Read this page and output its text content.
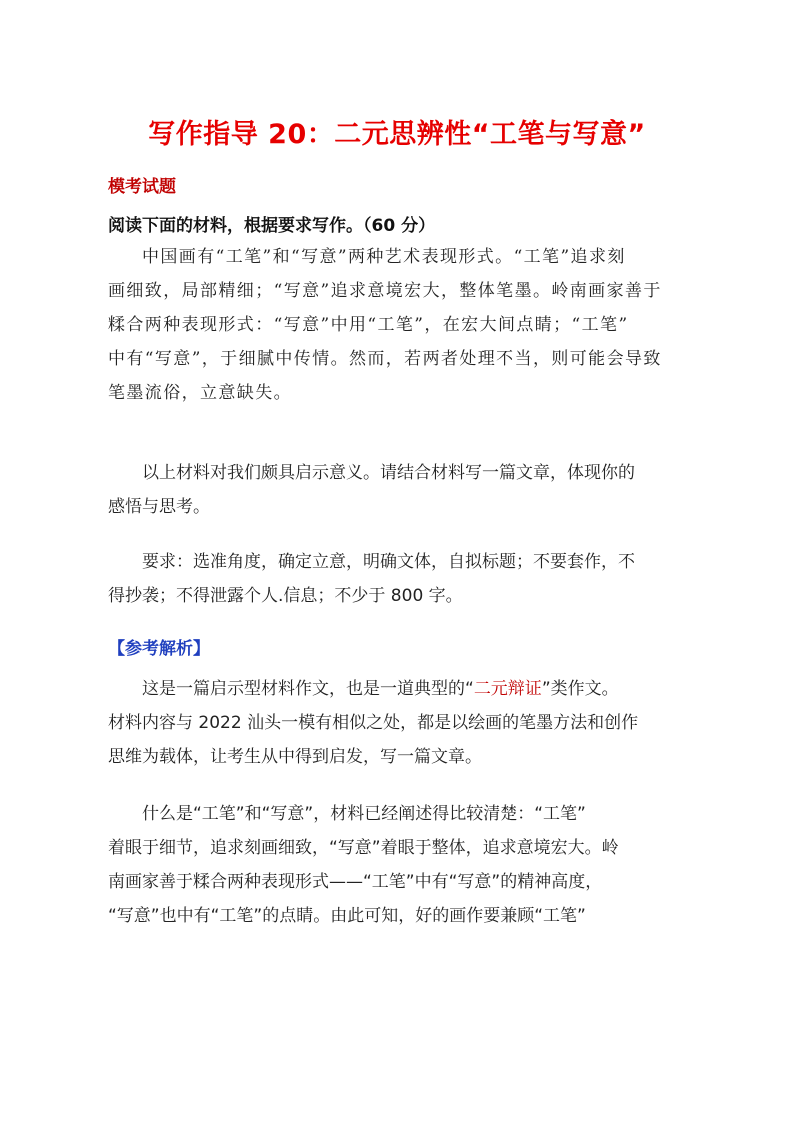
写作指导 20：二元思辨性“工笔与写意”
模考试题
阅读下面的材料，根据要求写作。（60 分）
中国画有“工笔”和“写意”两种艺术表现形式。“工笔”追求刻
画细致，局部精细；“写意”追求意境宏大，整体笔墨。岭南画家善于
糅合两种表现形式：“写意”中用“工笔”，在宏大间点睛；“工笔”
中有“写意”，于细腻中传情。然而，若两者处理不当，则可能会导致
笔墨流俗，立意缺失。
以上材料对我们颇具启示意义。请结合材料写一篇文章，体现你的
感悟与思考。
要求：选准角度，确定立意，明确文体，自拟标题；不要套作，不
得抄袭；不得泄露个人.信息；不少于 800 字。
【参考解析】
这是一篇启示型材料作文，也是一道典型的“二元辩证”类作文。
材料内容与 2022 汕头一模有相似之处，都是以绘画的笔墨方法和创作
思维为载体，让考生从中得到启发，写一篇文章。
什么是“工笔”和“写意”，材料已经阐述得比较清楚：“工笔”
着眼于细节，追求刻画细致，“写意”着眼于整体，追求意境宏大。岭
南画家善于糅合两种表现形式——“工笔”中有“写意”的精神高度，
“写意”也中有“工笔”的点睛。由此可知，好的画作要兼顾“工笔”
